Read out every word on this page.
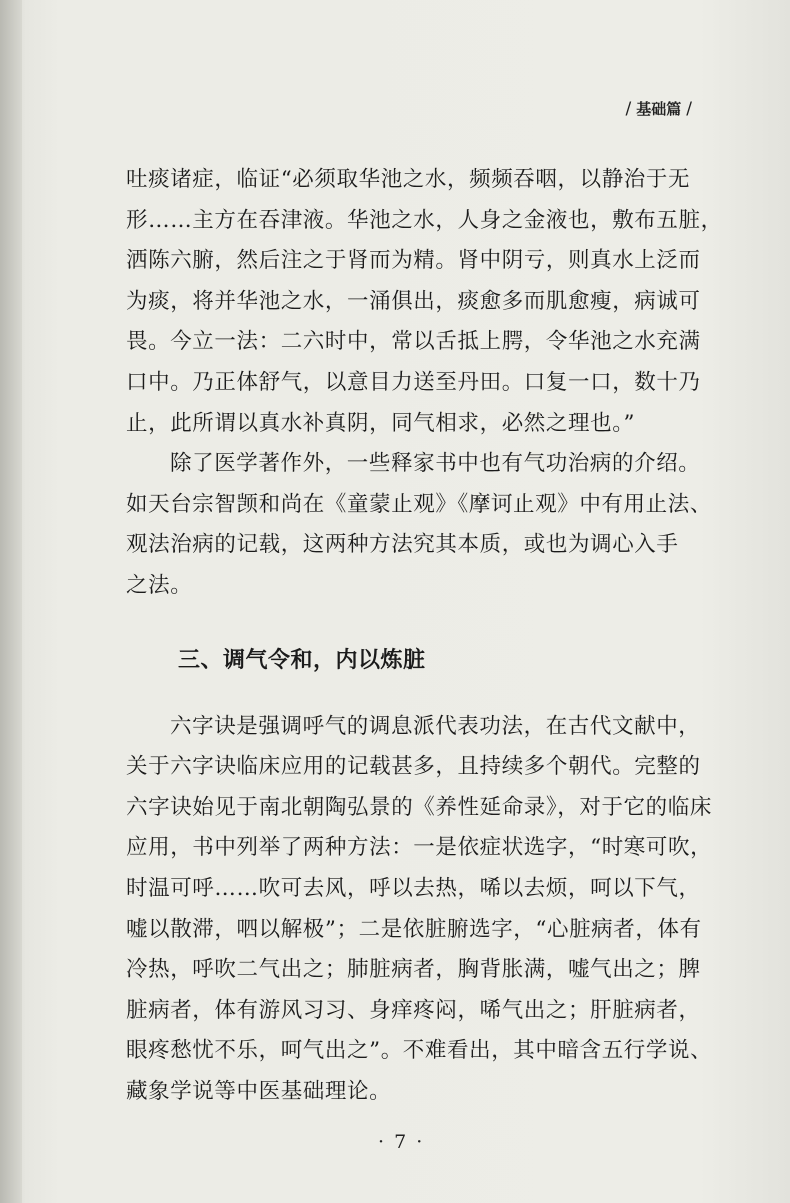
/ 基础篇 /
吐痰诸症，临证“必须取华池之水，频频吞咽，以静治于无
形……主方在吞津液。华池之水，人身之金液也，敷布五脏，
洒陈六腑，然后注之于肾而为精。肾中阴亏，则真水上泛而
为痰，将并华池之水，一涌俱出，痰愈多而肌愈瘦，病诚可
畏。今立一法：二六时中，常以舌抵上腭，令华池之水充满
口中。乃正体舒气，以意目力送至丹田。口复一口，数十乃
止，此所谓以真水补真阴，同气相求，必然之理也。”
除了医学著作外，一些释家书中也有气功治病的介绍。
如天台宗智𫖮和尚在《童蒙止观》《摩诃止观》中有用止法、
观法治病的记载，这两种方法究其本质，或也为调心入手
之法。
三、调气令和，内以炼脏
六字诀是强调呼气的调息派代表功法，在古代文献中，
关于六字诀临床应用的记载甚多，且持续多个朝代。完整的
六字诀始见于南北朝陶弘景的《养性延命录》，对于它的临床
应用，书中列举了两种方法：一是依症状选字，“时寒可吹，
时温可呼……吹可去风，呼以去热，唏以去烦，呵以下气，
嘘以散滞，呬以解极”；二是依脏腑选字，“心脏病者，体有
冷热，呼吹二气出之；肺脏病者，胸背胀满，嘘气出之；脾
脏病者，体有游风习习、身痒疼闷，唏气出之；肝脏病者，
眼疼愁忧不乐，呵气出之”。不难看出，其中暗含五行学说、
藏象学说等中医基础理论。
· 7 ·
